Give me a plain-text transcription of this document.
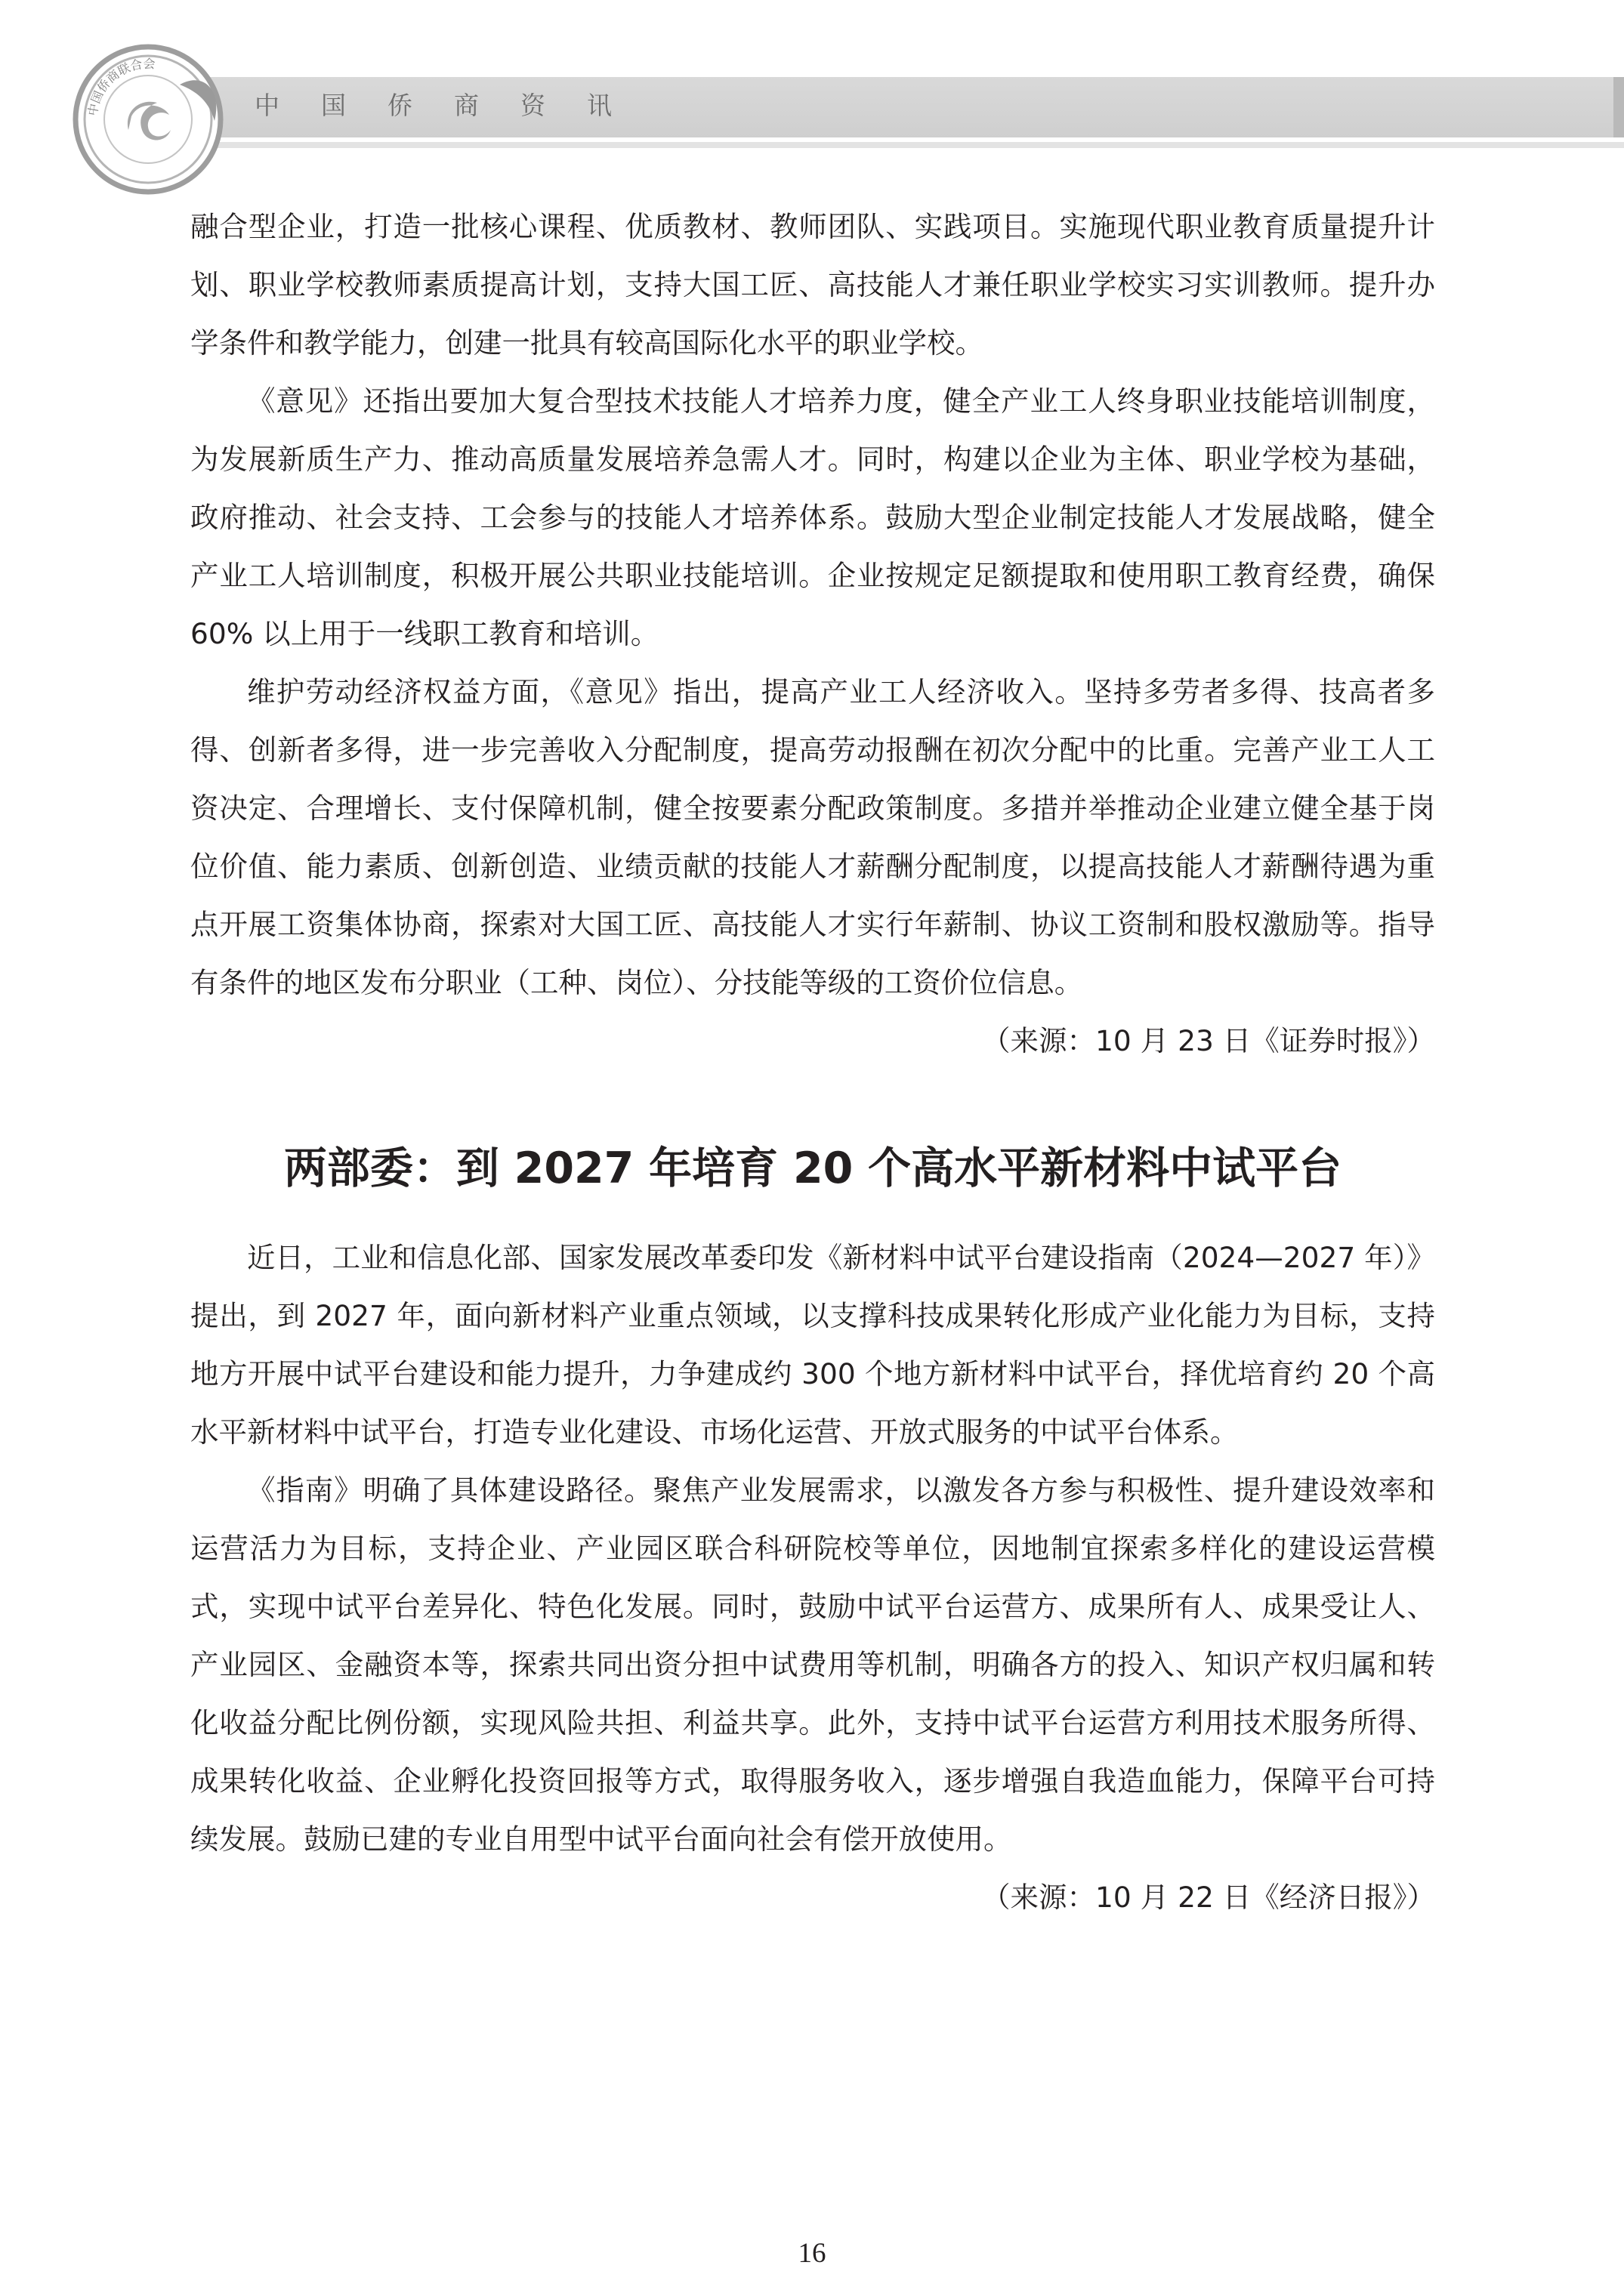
中国侨商联合会
中国侨商资讯

融合型企业，打造一批核心课程、优质教材、教师团队、实践项目。实施现代职业教育质量提升计划、职业学校教师素质提高计划，支持大国工匠、高技能人才兼任职业学校实习实训教师。提升办学条件和教学能力，创建一批具有较高国际化水平的职业学校。

《意见》还指出要加大复合型技术技能人才培养力度，健全产业工人终身职业技能培训制度，为发展新质生产力、推动高质量发展培养急需人才。同时，构建以企业为主体、职业学校为基础，政府推动、社会支持、工会参与的技能人才培养体系。鼓励大型企业制定技能人才发展战略，健全产业工人培训制度，积极开展公共职业技能培训。企业按规定足额提取和使用职工教育经费，确保 60% 以上用于一线职工教育和培训。

维护劳动经济权益方面，《意见》指出，提高产业工人经济收入。坚持多劳者多得、技高者多得、创新者多得，进一步完善收入分配制度，提高劳动报酬在初次分配中的比重。完善产业工人工资决定、合理增长、支付保障机制，健全按要素分配政策制度。多措并举推动企业建立健全基于岗位价值、能力素质、创新创造、业绩贡献的技能人才薪酬分配制度，以提高技能人才薪酬待遇为重点开展工资集体协商，探索对大国工匠、高技能人才实行年薪制、协议工资制和股权激励等。指导有条件的地区发布分职业（工种、岗位）、分技能等级的工资价位信息。

（来源：10 月 23 日《证券时报》）

两部委：到 2027 年培育 20 个高水平新材料中试平台

近日，工业和信息化部、国家发展改革委印发《新材料中试平台建设指南（2024—2027 年）》提出，到 2027 年，面向新材料产业重点领域，以支撑科技成果转化形成产业化能力为目标，支持地方开展中试平台建设和能力提升，力争建成约 300 个地方新材料中试平台，择优培育约 20 个高水平新材料中试平台，打造专业化建设、市场化运营、开放式服务的中试平台体系。

《指南》明确了具体建设路径。聚焦产业发展需求，以激发各方参与积极性、提升建设效率和运营活力为目标，支持企业、产业园区联合科研院校等单位，因地制宜探索多样化的建设运营模式，实现中试平台差异化、特色化发展。同时，鼓励中试平台运营方、成果所有人、成果受让人、产业园区、金融资本等，探索共同出资分担中试费用等机制，明确各方的投入、知识产权归属和转化收益分配比例份额，实现风险共担、利益共享。此外，支持中试平台运营方利用技术服务所得、成果转化收益、企业孵化投资回报等方式，取得服务收入，逐步增强自我造血能力，保障平台可持续发展。鼓励已建的专业自用型中试平台面向社会有偿开放使用。

（来源：10 月 22 日《经济日报》）

16
